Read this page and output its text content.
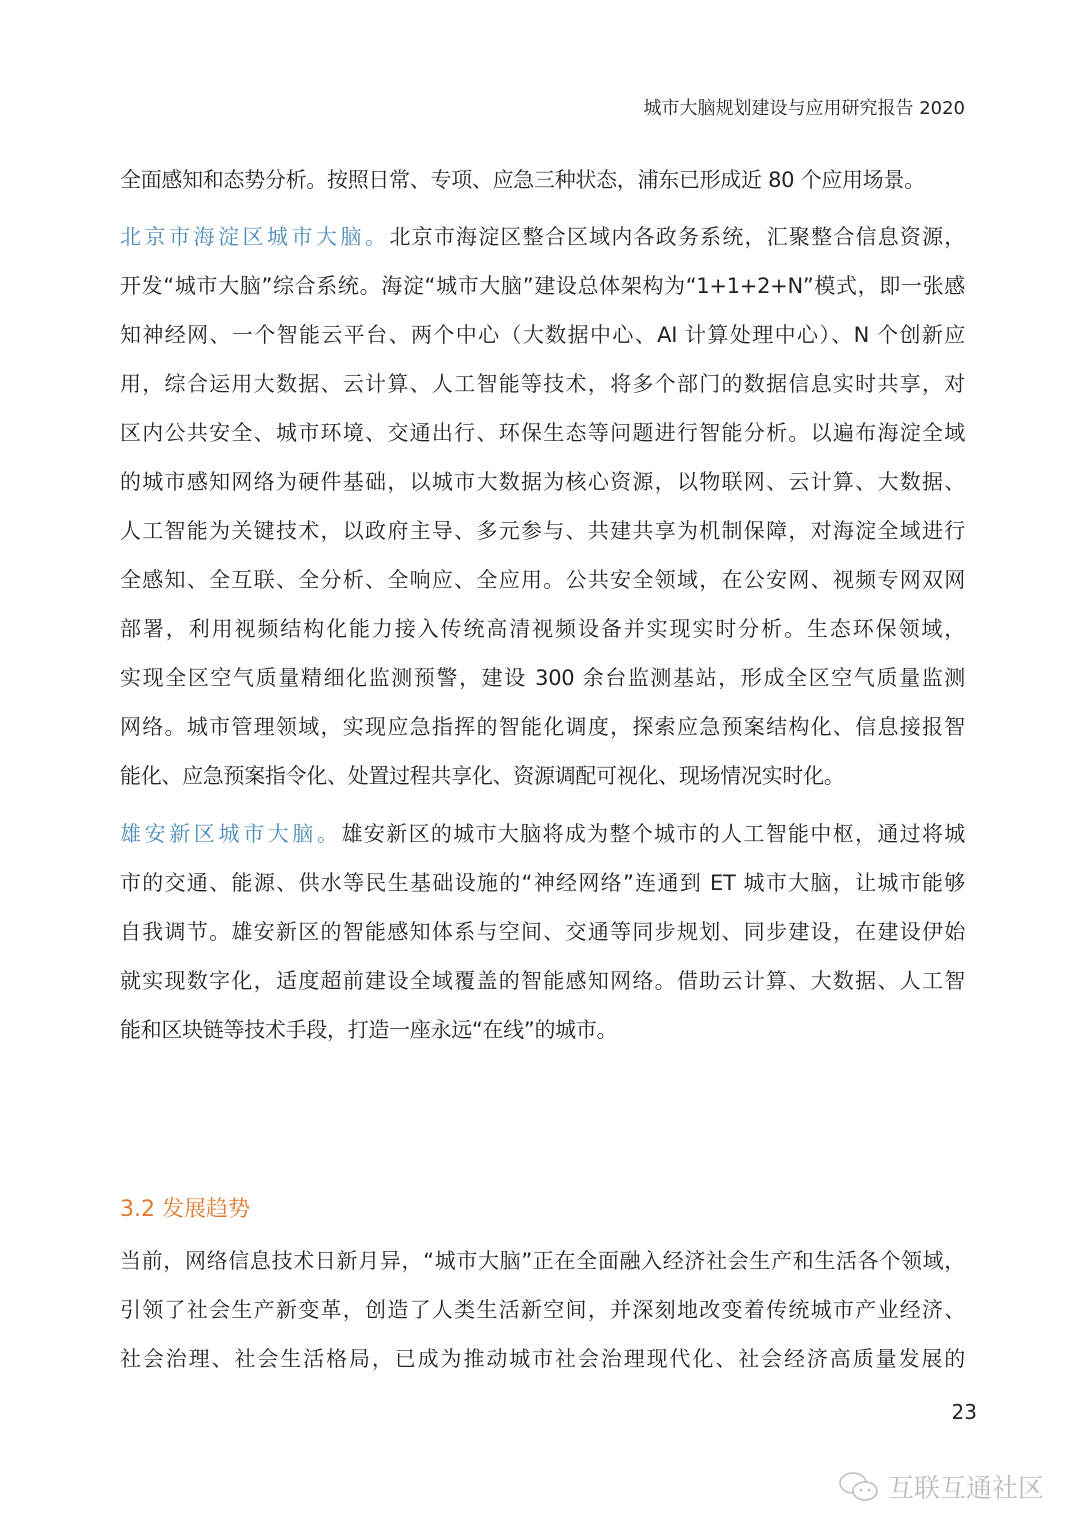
城市大脑规划建设与应用研究报告 2020
全面感知和态势分析。按照日常、专项、应急三种状态，浦东已形成近 80 个应用场景。
北京市海淀区城市大脑。北京市海淀区整合区域内各政务系统，汇聚整合信息资源，
开发“城市大脑”综合系统。海淀“城市大脑”建设总体架构为“1+1+2+N”模式，即一张感
知神经网、一个智能云平台、两个中心（大数据中心、AI 计算处理中心）、N 个创新应
用，综合运用大数据、云计算、人工智能等技术，将多个部门的数据信息实时共享，对
区内公共安全、城市环境、交通出行、环保生态等问题进行智能分析。以遍布海淀全域
的城市感知网络为硬件基础，以城市大数据为核心资源，以物联网、云计算、大数据、
人工智能为关键技术，以政府主导、多元参与、共建共享为机制保障，对海淀全域进行
全感知、全互联、全分析、全响应、全应用。公共安全领域，在公安网、视频专网双网
部署，利用视频结构化能力接入传统高清视频设备并实现实时分析。生态环保领域，
实现全区空气质量精细化监测预警，建设 300 余台监测基站，形成全区空气质量监测
网络。城市管理领域，实现应急指挥的智能化调度，探索应急预案结构化、信息接报智
能化、应急预案指令化、处置过程共享化、资源调配可视化、现场情况实时化。
雄安新区城市大脑。雄安新区的城市大脑将成为整个城市的人工智能中枢，通过将城
市的交通、能源、供水等民生基础设施的“神经网络”连通到 ET 城市大脑，让城市能够
自我调节。雄安新区的智能感知体系与空间、交通等同步规划、同步建设，在建设伊始
就实现数字化，适度超前建设全域覆盖的智能感知网络。借助云计算、大数据、人工智
能和区块链等技术手段，打造一座永远“在线”的城市。
3.2 发展趋势
当前，网络信息技术日新月异，“城市大脑”正在全面融入经济社会生产和生活各个领域，
引领了社会生产新变革，创造了人类生活新空间，并深刻地改变着传统城市产业经济、
社会治理、社会生活格局，已成为推动城市社会治理现代化、社会经济高质量发展的
23
互联互通社区
